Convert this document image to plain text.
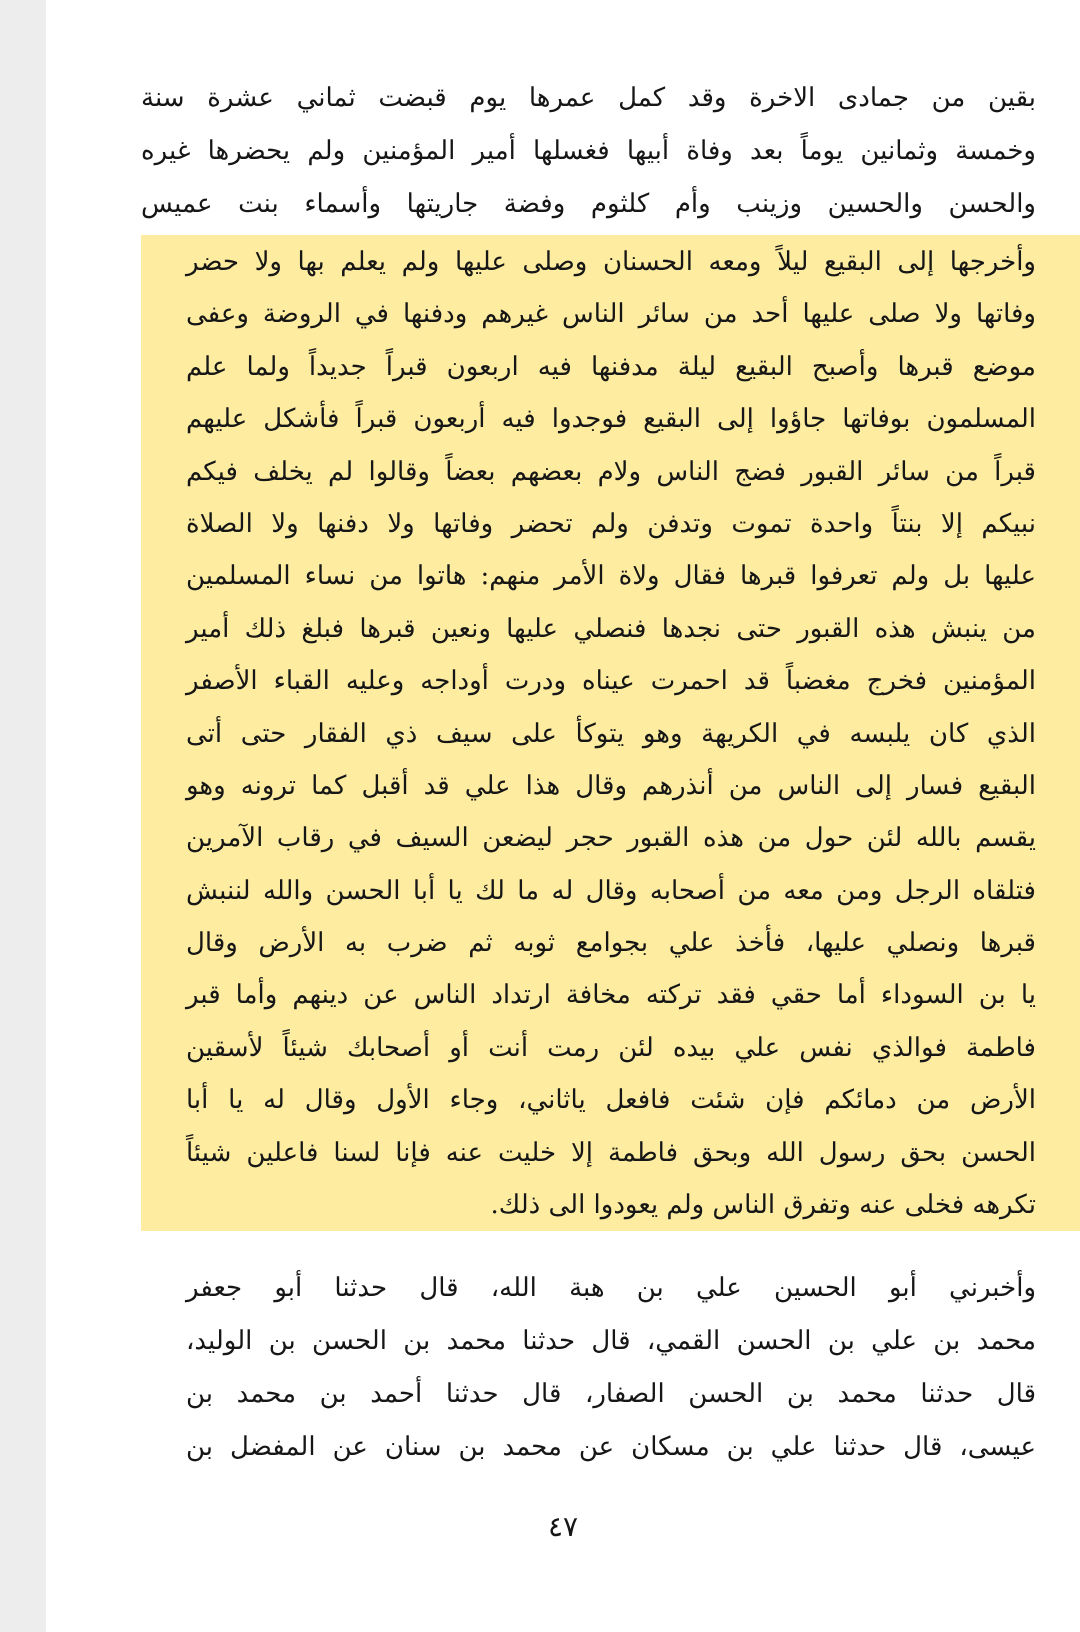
بقين من جمادى الاخرة وقد كمل عمرها يوم قبضت ثماني عشرة سنة
وخمسة وثمانين يوماً بعد وفاة أبيها فغسلها أمير المؤمنين ولم يحضرها غيره
والحسن والحسين وزينب وأم كلثوم وفضة جاريتها وأسماء بنت عميس
وأخرجها إلى البقيع ليلاً ومعه الحسنان وصلى عليها ولم يعلم بها ولا حضر
وفاتها ولا صلى عليها أحد من سائر الناس غيرهم ودفنها في الروضة وعفى
موضع قبرها وأصبح البقيع ليلة مدفنها فيه اربعون قبراً جديداً ولما علم
المسلمون بوفاتها جاؤوا إلى البقيع فوجدوا فيه أربعون قبراً فأشكل عليهم
قبراً من سائر القبور فضج الناس ولام بعضهم بعضاً وقالوا لم يخلف فيكم
نبيكم إلا بنتاً واحدة تموت وتدفن ولم تحضر وفاتها ولا دفنها ولا الصلاة
عليها بل ولم تعرفوا قبرها فقال ولاة الأمر منهم: هاتوا من نساء المسلمين
من ينبش هذه القبور حتى نجدها فنصلي عليها ونعين قبرها فبلغ ذلك أمير
المؤمنين فخرج مغضباً قد احمرت عيناه ودرت أوداجه وعليه القباء الأصفر
الذي كان يلبسه في الكريهة وهو يتوكأ على سيف ذي الفقار حتى أتى
البقيع فسار إلى الناس من أنذرهم وقال هذا علي قد أقبل كما ترونه وهو
يقسم بالله لئن حول من هذه القبور حجر ليضعن السيف في رقاب الآمرين
فتلقاه الرجل ومن معه من أصحابه وقال له ما لك يا أبا الحسن والله لننبش
قبرها ونصلي عليها، فأخذ علي بجوامع ثوبه ثم ضرب به الأرض وقال
يا بن السوداء أما حقي فقد تركته مخافة ارتداد الناس عن دينهم وأما قبر
فاطمة فوالذي نفس علي بيده لئن رمت أنت أو أصحابك شيئاً لأسقين
الأرض من دمائكم فإن شئت فافعل ياثاني، وجاء الأول وقال له يا أبا
الحسن بحق رسول الله وبحق فاطمة إلا خليت عنه فإنا لسنا فاعلين شيئاً
تكرهه فخلى عنه وتفرق الناس ولم يعودوا الى ذلك.
وأخبرني أبو الحسين علي بن هبة الله، قال حدثنا أبو جعفر
محمد بن علي بن الحسن القمي، قال حدثنا محمد بن الحسن بن الوليد،
قال حدثنا محمد بن الحسن الصفار، قال حدثنا أحمد بن محمد بن
عيسى، قال حدثنا علي بن مسكان عن محمد بن سنان عن المفضل بن
٤٧
